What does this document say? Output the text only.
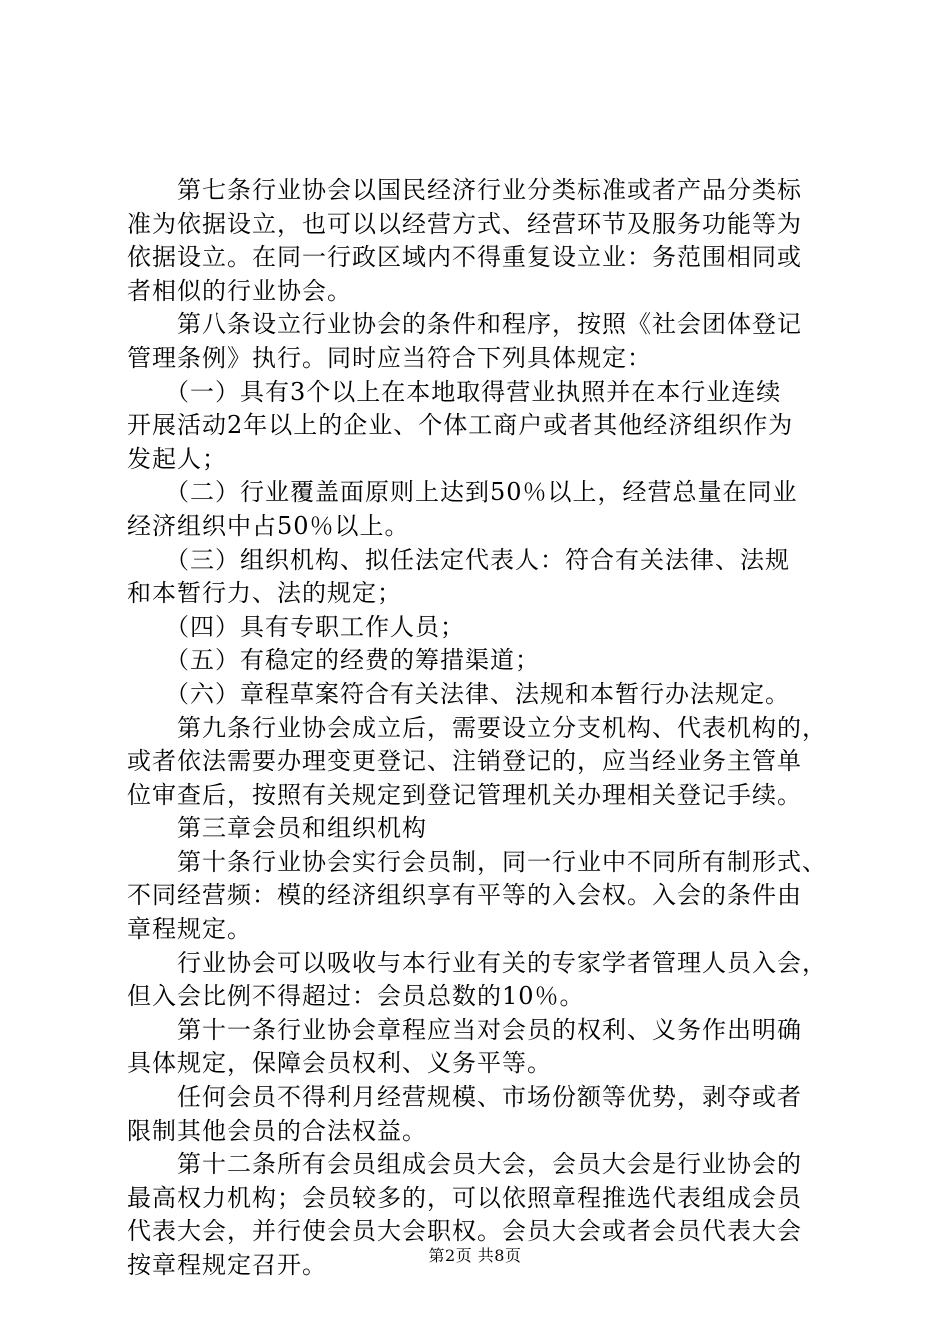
　　第七条行业协会以国民经济行业分类标准或者产品分类标
准为依据设立，也可以以经营方式、经营环节及服务功能等为
依据设立。在同一行政区域内不得重复设立业：务范围相同或
者相似的行业协会。
　　第八条设立行业协会的条件和程序，按照《社会团体登记
管理条例》执行。同时应当符合下列具体规定：
　　（一）具有3个以上在本地取得营业执照并在本行业连续
开展活动2年以上的企业、个体工商户或者其他经济组织作为
发起人；
　　（二）行业覆盖面原则上达到50％以上，经营总量在同业
经济组织中占50％以上。
　　（三）组织机构、拟任法定代表人：符合有关法律、法规
和本暂行力、法的规定；
　　（四）具有专职工作人员；
　　（五）有稳定的经费的筹措渠道；
　　（六）章程草案符合有关法律、法规和本暂行办法规定。
　　第九条行业协会成立后，需要设立分支机构、代表机构的，
或者依法需要办理变更登记、注销登记的，应当经业务主管单
位审查后，按照有关规定到登记管理机关办理相关登记手续。
　　第三章会员和组织机构
　　第十条行业协会实行会员制，同一行业中不同所有制形式、
不同经营频：模的经济组织享有平等的入会权。入会的条件由
章程规定。
　　行业协会可以吸收与本行业有关的专家学者管理人员入会，
但入会比例不得超过：会员总数的10％。
　　第十一条行业协会章程应当对会员的权利、义务作出明确
具体规定，保障会员权利、义务平等。
　　任何会员不得利月经营规模、市场份额等优势，剥夺或者
限制其他会员的合法权益。
　　第十二条所有会员组成会员大会，会员大会是行业协会的
最高权力机构；会员较多的，可以依照章程推选代表组成会员
代表大会，并行使会员大会职权。会员大会或者会员代表大会
按章程规定召开。	第2页 共8页
